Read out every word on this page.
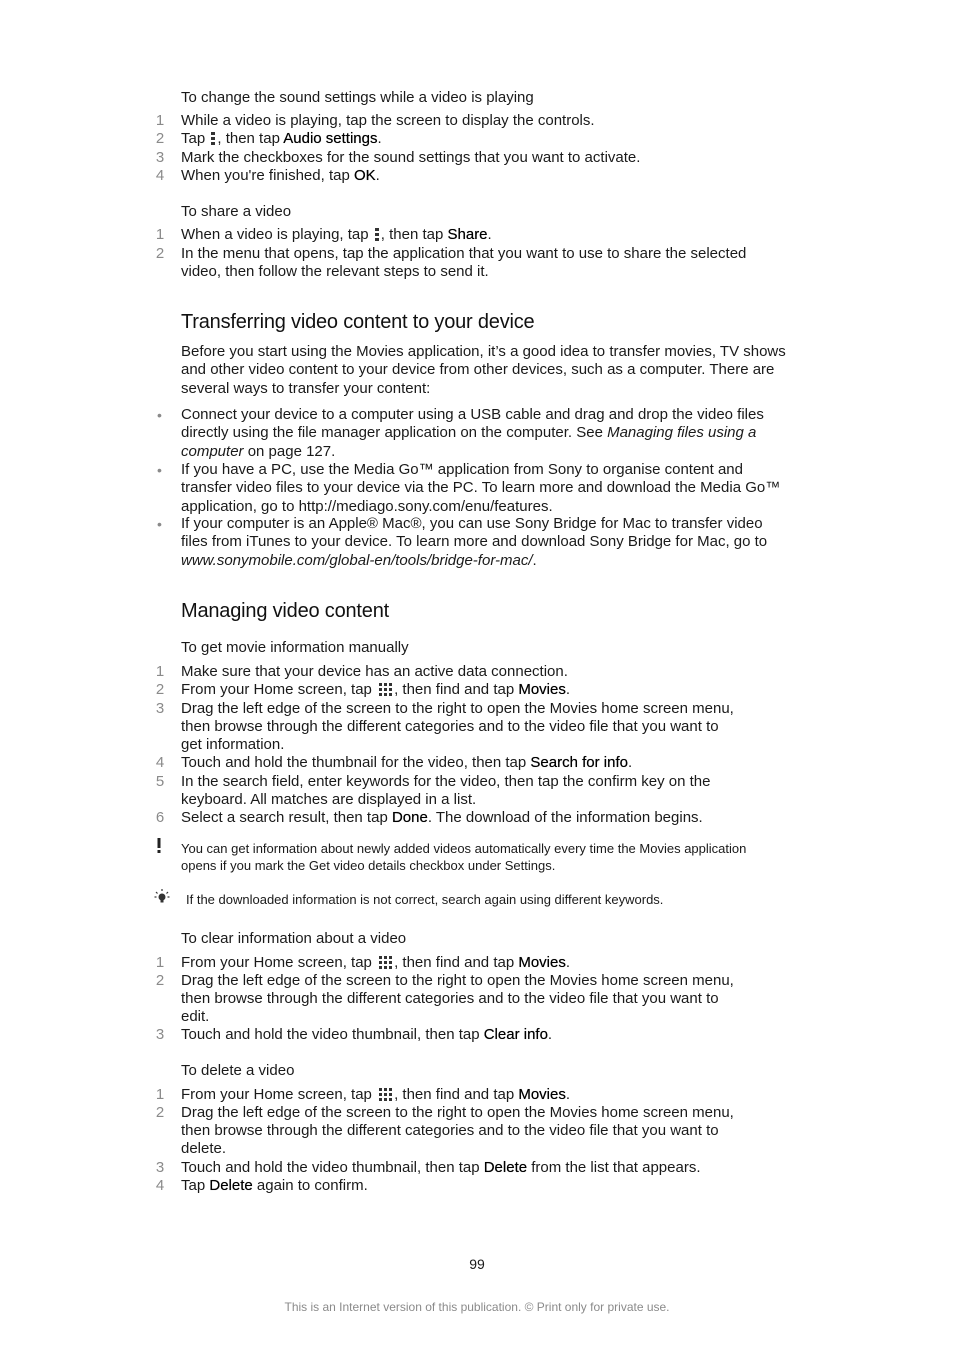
To change the sound settings while a video is playing
1 While a video is playing, tap the screen to display the controls.
2 Tap , then tap Audio settings.
3 Mark the checkboxes for the sound settings that you want to activate.
4 When you're finished, tap OK.
To share a video
1 When a video is playing, tap , then tap Share.
2 In the menu that opens, tap the application that you want to use to share the selected video, then follow the relevant steps to send it.
Transferring video content to your device
Before you start using the Movies application, it’s a good idea to transfer movies, TV shows and other video content to your device from other devices, such as a computer. There are several ways to transfer your content:
• Connect your device to a computer using a USB cable and drag and drop the video files directly using the file manager application on the computer. See Managing files using a computer on page 127.
• If you have a PC, use the Media Go™ application from Sony to organise content and transfer video files to your device via the PC. To learn more and download the Media Go™ application, go to http://mediago.sony.com/enu/features.
• If your computer is an Apple® Mac®, you can use Sony Bridge for Mac to transfer video files from iTunes to your device. To learn more and download Sony Bridge for Mac, go to www.sonymobile.com/global-en/tools/bridge-for-mac/.
Managing video content
To get movie information manually
1 Make sure that your device has an active data connection.
2 From your Home screen, tap , then find and tap Movies.
3 Drag the left edge of the screen to the right to open the Movies home screen menu, then browse through the different categories and to the video file that you want to get information.
4 Touch and hold the thumbnail for the video, then tap Search for info.
5 In the search field, enter keywords for the video, then tap the confirm key on the keyboard. All matches are displayed in a list.
6 Select a search result, then tap Done. The download of the information begins.
You can get information about newly added videos automatically every time the Movies application opens if you mark the Get video details checkbox under Settings.
If the downloaded information is not correct, search again using different keywords.
To clear information about a video
1 From your Home screen, tap , then find and tap Movies.
2 Drag the left edge of the screen to the right to open the Movies home screen menu, then browse through the different categories and to the video file that you want to edit.
3 Touch and hold the video thumbnail, then tap Clear info.
To delete a video
1 From your Home screen, tap , then find and tap Movies.
2 Drag the left edge of the screen to the right to open the Movies home screen menu, then browse through the different categories and to the video file that you want to delete.
3 Touch and hold the video thumbnail, then tap Delete from the list that appears.
4 Tap Delete again to confirm.
99
This is an Internet version of this publication. © Print only for private use.
